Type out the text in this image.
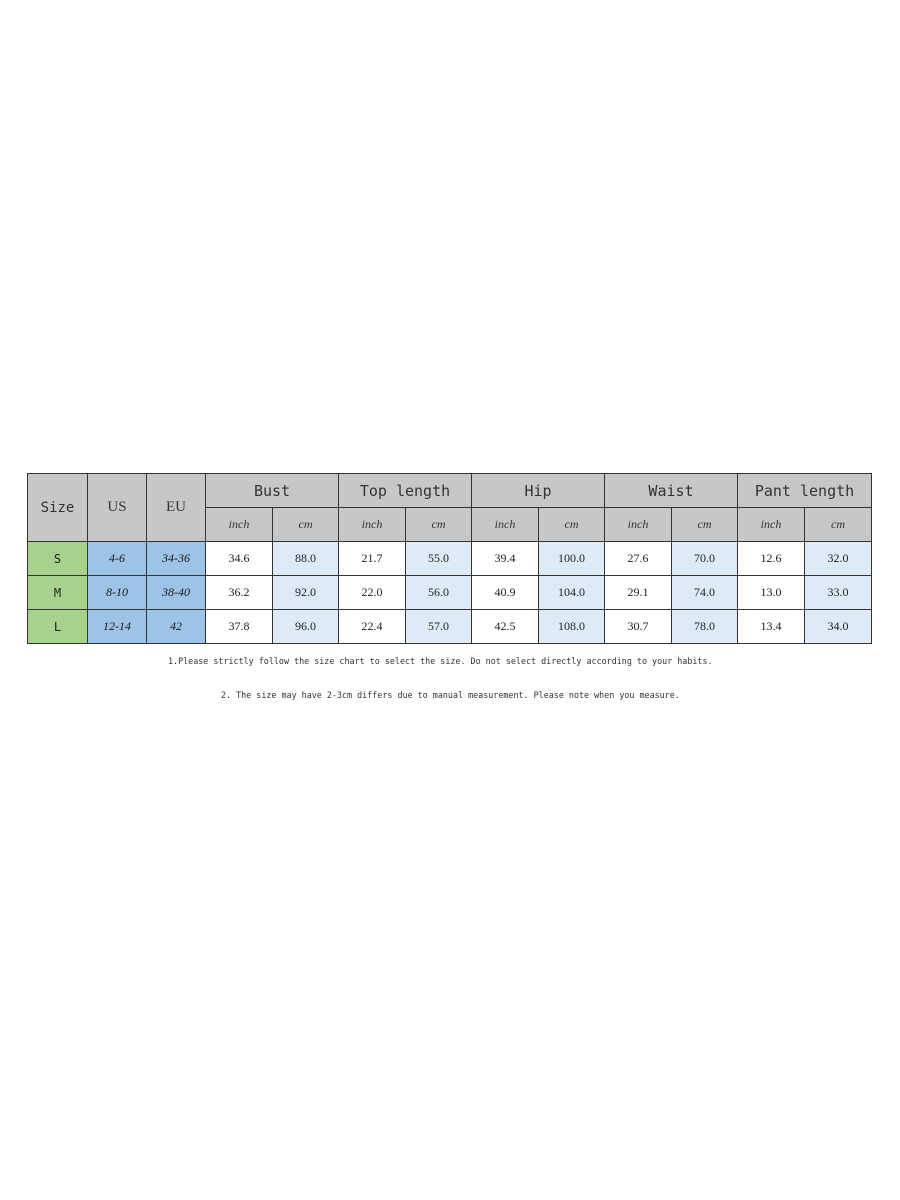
Size	US	EU	Bust		Top length		Hip		Waist		Pant length	
			inch	cm	inch	cm	inch	cm	inch	cm	inch	cm
S	4-6	34-36	34.6	88.0	21.7	55.0	39.4	100.0	27.6	70.0	12.6	32.0
M	8-10	38-40	36.2	92.0	22.0	56.0	40.9	104.0	29.1	74.0	13.0	33.0
L	12-14	42	37.8	96.0	22.4	57.0	42.5	108.0	30.7	78.0	13.4	34.0
1.Please strictly follow the size chart to select the size. Do not select directly according to your habits.
2. The size may have 2-3cm differs due to manual measurement. Please note when you measure.
